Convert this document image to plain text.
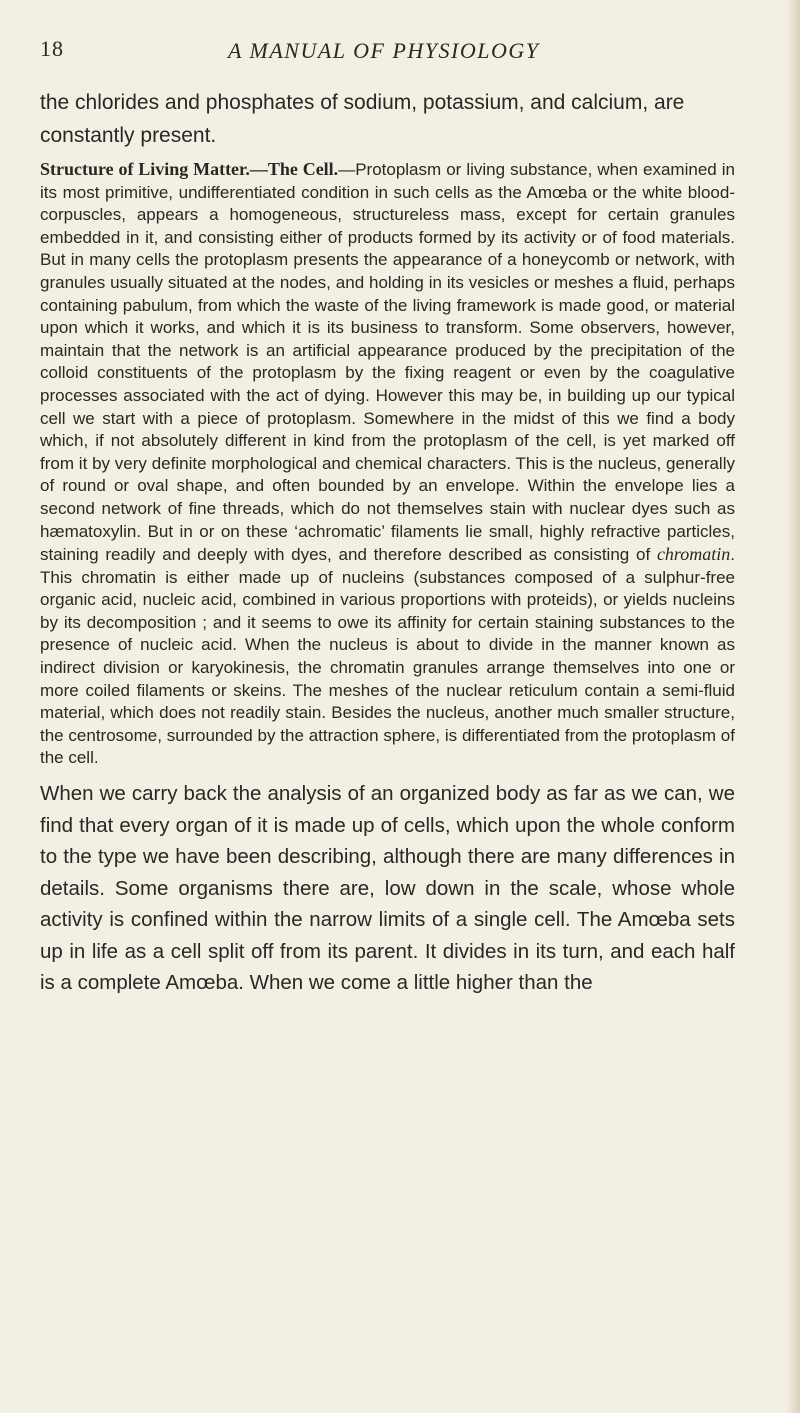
18	A MANUAL OF PHYSIOLOGY

the chlorides and phosphates of sodium, potassium, and calcium, are constantly present.

Structure of Living Matter.—The Cell.—Protoplasm or living substance, when examined in its most primitive, undifferentiated condition in such cells as the Amœba or the white blood-corpuscles, appears a homogeneous, structureless mass, except for certain granules embedded in it, and consisting either of products formed by its activity or of food materials. But in many cells the protoplasm presents the appearance of a honeycomb or network, with granules usually situated at the nodes, and holding in its vesicles or meshes a fluid, perhaps containing pabulum, from which the waste of the living framework is made good, or material upon which it works, and which it is its business to transform. Some observers, however, maintain that the network is an artificial appearance produced by the precipitation of the colloid constituents of the protoplasm by the fixing reagent or even by the coagulative processes associated with the act of dying. However this may be, in building up our typical cell we start with a piece of protoplasm. Somewhere in the midst of this we find a body which, if not absolutely different in kind from the protoplasm of the cell, is yet marked off from it by very definite morphological and chemical characters. This is the nucleus, generally of round or oval shape, and often bounded by an envelope. Within the envelope lies a second network of fine threads, which do not themselves stain with nuclear dyes such as hæmatoxylin. But in or on these ‘achromatic’ filaments lie small, highly refractive particles, staining readily and deeply with dyes, and therefore described as consisting of chromatin. This chromatin is either made up of nucleins (substances composed of a sulphur-free organic acid, nucleic acid, combined in various proportions with proteids), or yields nucleins by its decomposition ; and it seems to owe its affinity for certain staining substances to the presence of nucleic acid. When the nucleus is about to divide in the manner known as indirect division or karyokinesis, the chromatin granules arrange themselves into one or more coiled filaments or skeins. The meshes of the nuclear reticulum contain a semi-fluid material, which does not readily stain. Besides the nucleus, another much smaller structure, the centrosome, surrounded by the attraction sphere, is differentiated from the protoplasm of the cell.

When we carry back the analysis of an organized body as far as we can, we find that every organ of it is made up of cells, which upon the whole conform to the type we have been describing, although there are many differences in details. Some organisms there are, low down in the scale, whose whole activity is confined within the narrow limits of a single cell. The Amœba sets up in life as a cell split off from its parent. It divides in its turn, and each half is a complete Amœba. When we come a little higher than the
